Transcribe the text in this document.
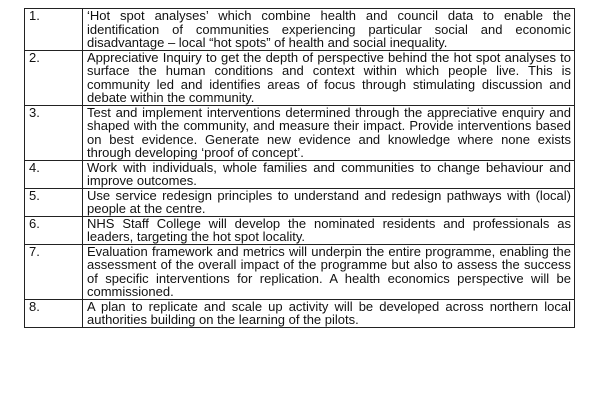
1.	‘Hot spot analyses’ which combine health and council data to enable the identification of communities experiencing particular social and economic disadvantage – local “hot spots” of health and social inequality.
2.	Appreciative Inquiry to get the depth of perspective behind the hot spot analyses to surface the human conditions and context within which people live. This is community led and identifies areas of focus through stimulating discussion and debate within the community.
3.	Test and implement interventions determined through the appreciative enquiry and shaped with the community, and measure their impact. Provide interventions based on best evidence. Generate new evidence and knowledge where none exists through developing ‘proof of concept’.
4.	Work with individuals, whole families and communities to change behaviour and improve outcomes.
5.	Use service redesign principles to understand and redesign pathways with (local) people at the centre.
6.	NHS Staff College will develop the nominated residents and professionals as leaders, targeting the hot spot locality.
7.	Evaluation framework and metrics will underpin the entire programme, enabling the assessment of the overall impact of the programme but also to assess the success of specific interventions for replication. A health economics perspective will be commissioned.
8.	A plan to replicate and scale up activity will be developed across northern local authorities building on the learning of the pilots.
